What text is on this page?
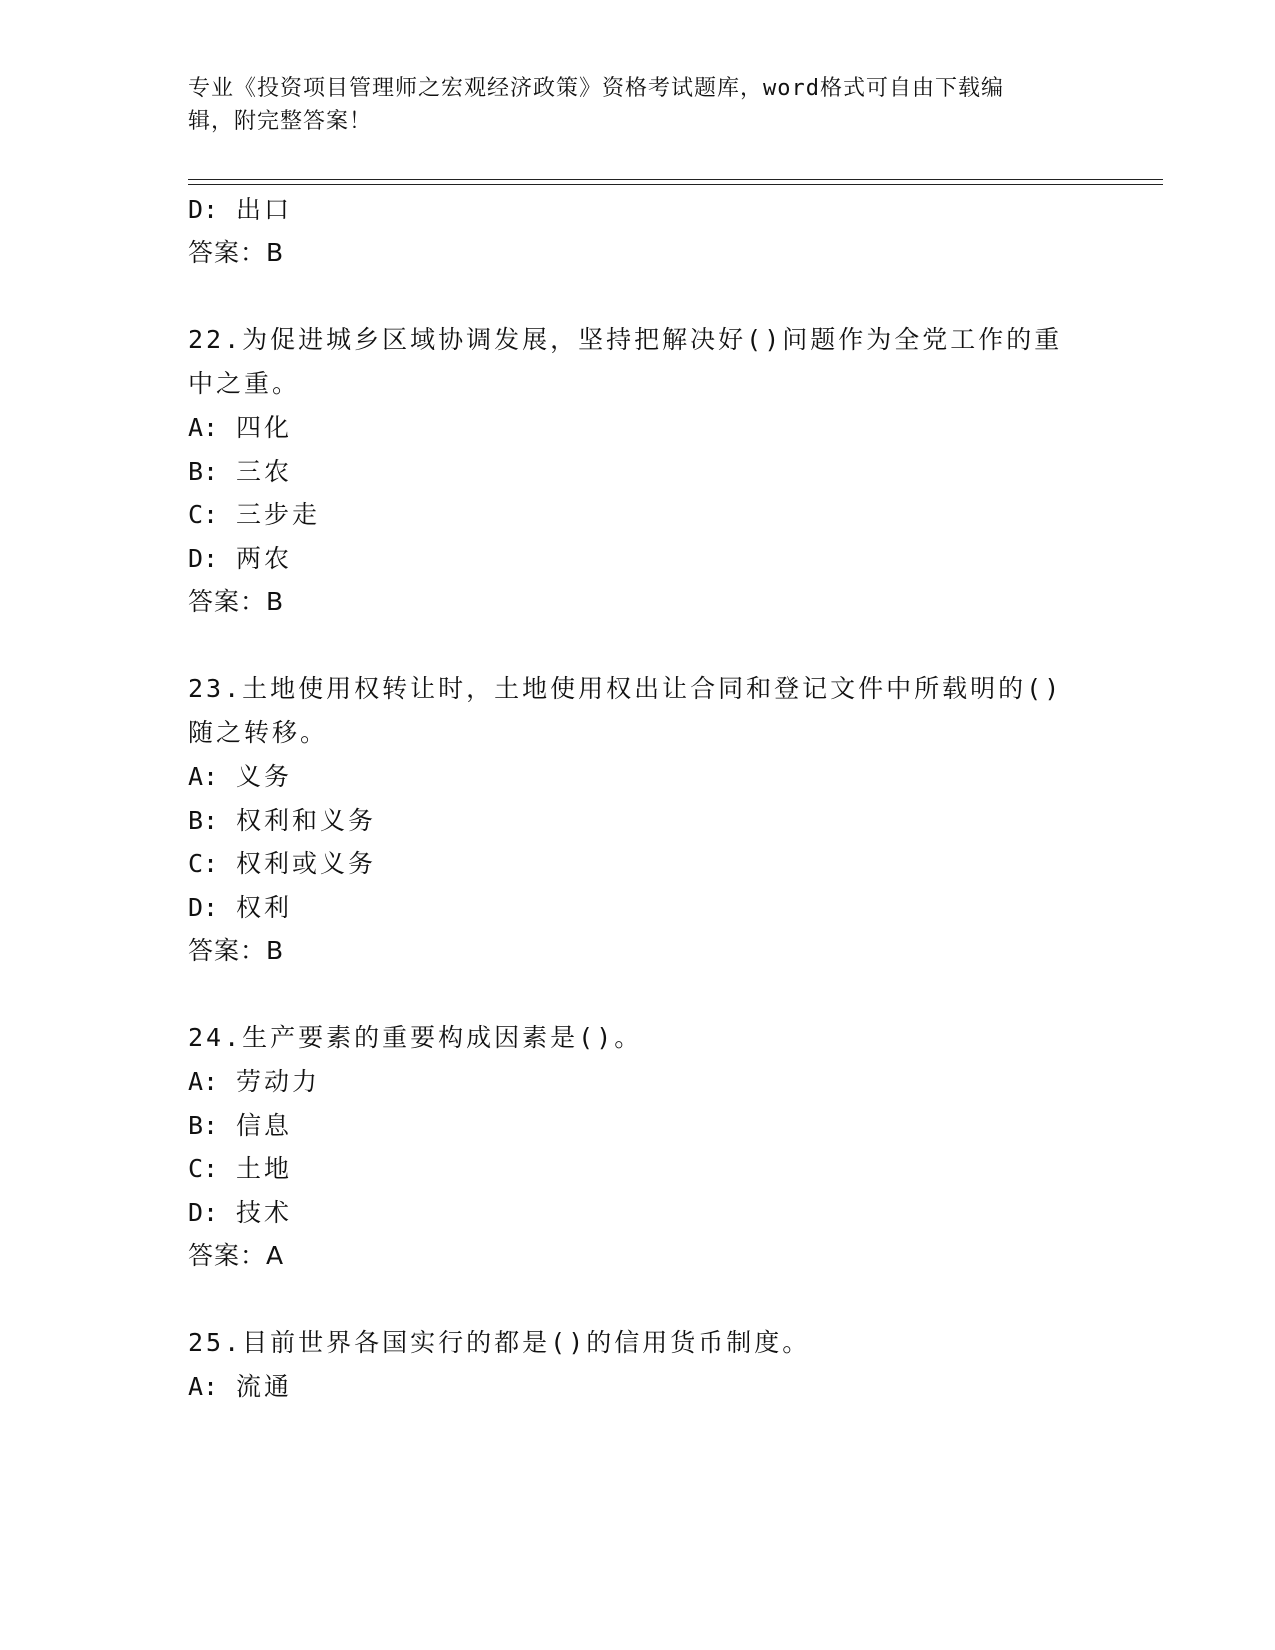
专业《投资项目管理师之宏观经济政策》资格考试题库，word格式可自由下载编
辑，附完整答案！
D: 出口
答案：B
22.为促进城乡区域协调发展，坚持把解决好()问题作为全党工作的重
中之重。
A: 四化
B: 三农
C: 三步走
D: 两农
答案：B
23.土地使用权转让时，土地使用权出让合同和登记文件中所载明的()
随之转移。
A: 义务
B: 权利和义务
C: 权利或义务
D: 权利
答案：B
24.生产要素的重要构成因素是()。
A: 劳动力
B: 信息
C: 土地
D: 技术
答案：A
25.目前世界各国实行的都是()的信用货币制度。
A: 流通
